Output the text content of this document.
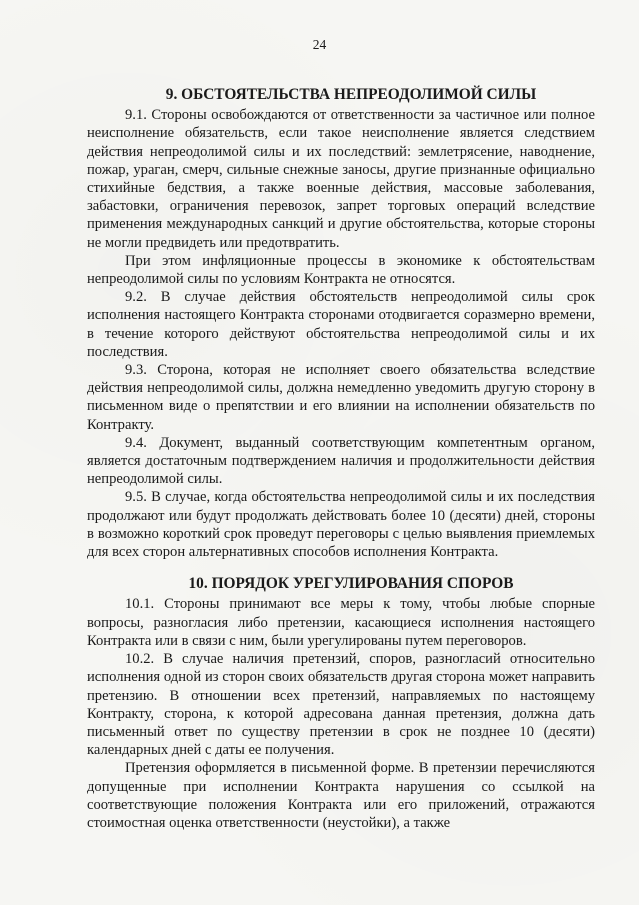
24
9. ОБСТОЯТЕЛЬСТВА НЕПРЕОДОЛИМОЙ СИЛЫ

9.1. Стороны освобождаются от ответственности за частичное или полное неисполнение обязательств, если такое неисполнение является следствием действия непреодолимой силы и их последствий: землетрясение, наводнение, пожар, ураган, смерч, сильные снежные заносы, другие признанные официально стихийные бедствия, а также военные действия, массовые заболевания, забастовки, ограничения перевозок, запрет торговых операций вследствие применения международных санкций и другие обстоятельства, которые стороны не могли предвидеть или предотвратить.

При этом инфляционные процессы в экономике к обстоятельствам непреодолимой силы по условиям Контракта не относятся.

9.2. В случае действия обстоятельств непреодолимой силы срок исполнения настоящего Контракта сторонами отодвигается соразмерно времени, в течение которого действуют обстоятельства непреодолимой силы и их последствия.

9.3. Сторона, которая не исполняет своего обязательства вследствие действия непреодолимой силы, должна немедленно уведомить другую сторону в письменном виде о препятствии и его влиянии на исполнении обязательств по Контракту.

9.4. Документ, выданный соответствующим компетентным органом, является достаточным подтверждением наличия и продолжительности действия непреодолимой силы.

9.5. В случае, когда обстоятельства непреодолимой силы и их последствия продолжают или будут продолжать действовать более 10 (десяти) дней, стороны в возможно короткий срок проведут переговоры с целью выявления приемлемых для всех сторон альтернативных способов исполнения Контракта.

10. ПОРЯДОК УРЕГУЛИРОВАНИЯ СПОРОВ

10.1. Стороны принимают все меры к тому, чтобы любые спорные вопросы, разногласия либо претензии, касающиеся исполнения настоящего Контракта или в связи с ним, были урегулированы путем переговоров.

10.2. В случае наличия претензий, споров, разногласий относительно исполнения одной из сторон своих обязательств другая сторона может направить претензию. В отношении всех претензий, направляемых по настоящему Контракту, сторона, к которой адресована данная претензия, должна дать письменный ответ по существу претензии в срок не позднее 10 (десяти) календарных дней с даты ее получения.

Претензия оформляется в письменной форме. В претензии перечисляются допущенные при исполнении Контракта нарушения со ссылкой на соответствующие положения Контракта или его приложений, отражаются стоимостная оценка ответственности (неустойки), а также
